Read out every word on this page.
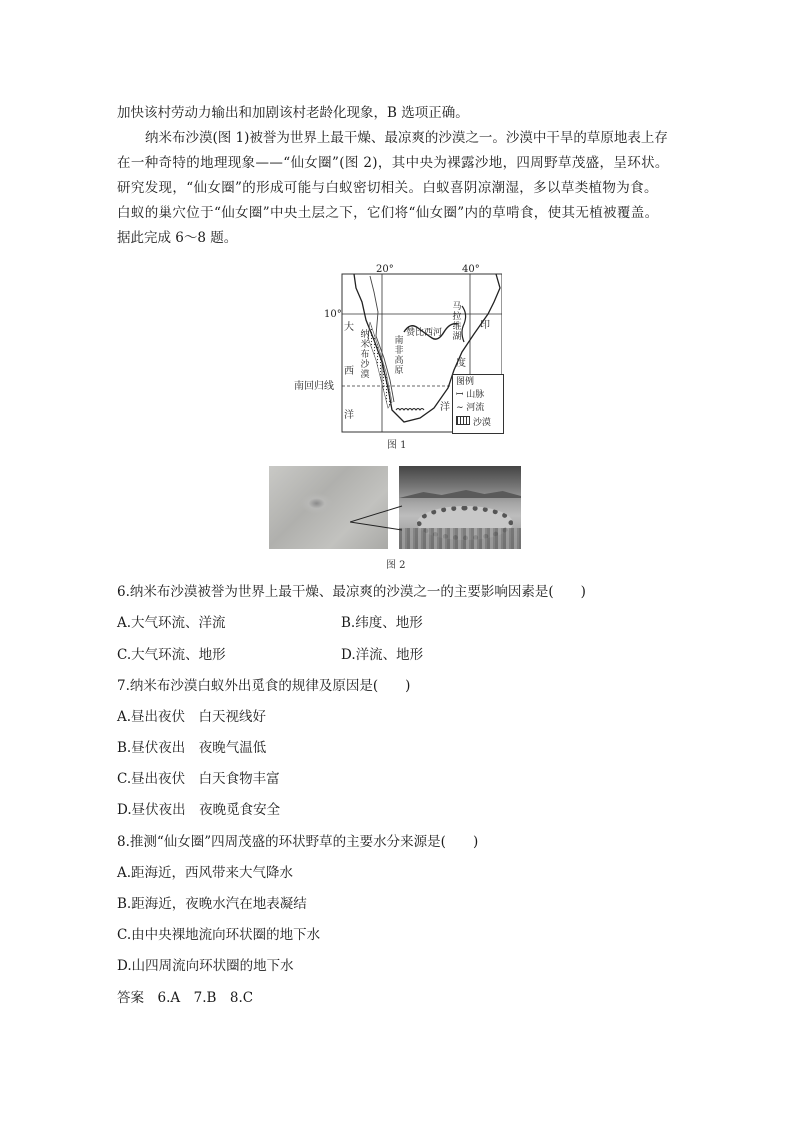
加快该村劳动力输出和加剧该村老龄化现象，B 选项正确。
纳米布沙漠(图 1)被誉为世界上最干燥、最凉爽的沙漠之一。沙漠中干旱的草原地表上存
在一种奇特的地理现象——“仙女圈”(图 2)，其中央为裸露沙地，四周野草茂盛，呈环状。
研究发现，“仙女圈”的形成可能与白蚁密切相关。白蚁喜阴凉潮湿，多以草类植物为食。
白蚁的巢穴位于“仙女圈”中央土层之下，它们将“仙女圈”内的草啃食，使其无植被覆盖。
据此完成 6～8 题。
20°	40°
10°
南回归线
大
西
洋
印
度
洋
纳米布沙漠
南非高原
赞比西河
马拉维湖
图例
ꟷ 山脉
∼ 河流
沙漠
图 1
图 2
6.纳米布沙漠被誉为世界上最干燥、最凉爽的沙漠之一的主要影响因素是(　　)
A.大气环流、洋流	B.纬度、地形
C.大气环流、地形	D.洋流、地形
7.纳米布沙漠白蚁外出觅食的规律及原因是(　　)
A.昼出夜伏　白天视线好
B.昼伏夜出　夜晚气温低
C.昼出夜伏　白天食物丰富
D.昼伏夜出　夜晚觅食安全
8.推测“仙女圈”四周茂盛的环状野草的主要水分来源是(　　)
A.距海近，西风带来大气降水
B.距海近，夜晚水汽在地表凝结
C.由中央裸地流向环状圈的地下水
D.山四周流向环状圈的地下水
答案　6.A　7.B　8.C
